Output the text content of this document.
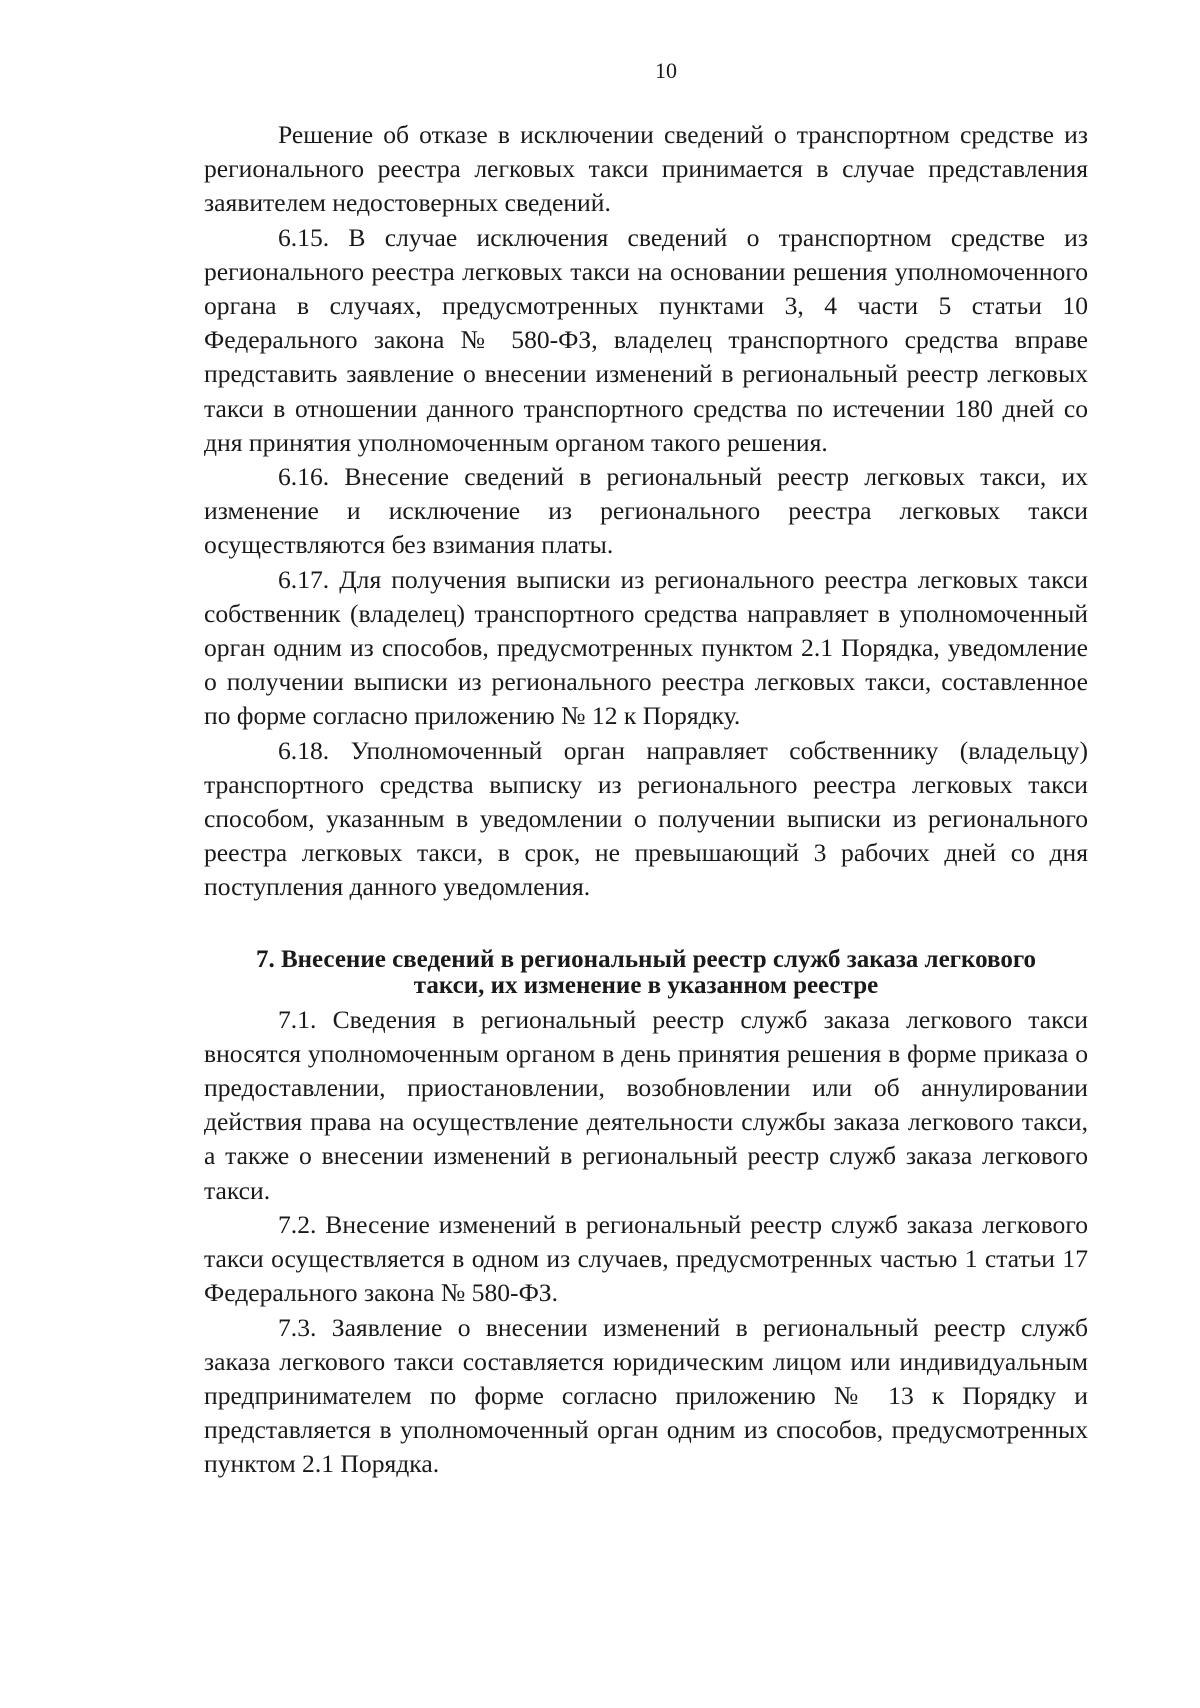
10

Решение об отказе в исключении сведений о транспортном средстве из регионального реестра легковых такси принимается в случае представления заявителем недостоверных сведений.

6.15. В случае исключения сведений о транспортном средстве из регионального реестра легковых такси на основании решения уполномоченного органа в случаях, предусмотренных пунктами 3, 4 части 5 статьи 10 Федерального закона № 580-ФЗ, владелец транспортного средства вправе представить заявление о внесении изменений в региональный реестр легковых такси в отношении данного транспортного средства по истечении 180 дней со дня принятия уполномоченным органом такого решения.

6.16. Внесение сведений в региональный реестр легковых такси, их изменение и исключение из регионального реестра легковых такси осуществляются без взимания платы.

6.17. Для получения выписки из регионального реестра легковых такси собственник (владелец) транспортного средства направляет в уполномоченный орган одним из способов, предусмотренных пунктом 2.1 Порядка, уведомление о получении выписки из регионального реестра легковых такси, составленное по форме согласно приложению № 12 к Порядку.

6.18. Уполномоченный орган направляет собственнику (владельцу) транспортного средства выписку из регионального реестра легковых такси способом, указанным в уведомлении о получении выписки из регионального реестра легковых такси, в срок, не превышающий 3 рабочих дней со дня поступления данного уведомления.

7. Внесение сведений в региональный реестр служб заказа легкового
такси, их изменение в указанном реестре

7.1. Сведения в региональный реестр служб заказа легкового такси вносятся уполномоченным органом в день принятия решения в форме приказа о предоставлении, приостановлении, возобновлении или об аннулировании действия права на осуществление деятельности службы заказа легкового такси, а также о внесении изменений в региональный реестр служб заказа легкового такси.

7.2. Внесение изменений в региональный реестр служб заказа легкового такси осуществляется в одном из случаев, предусмотренных частью 1 статьи 17 Федерального закона № 580-ФЗ.

7.3. Заявление о внесении изменений в региональный реестр служб заказа легкового такси составляется юридическим лицом или индивидуальным предпринимателем по форме согласно приложению № 13 к Порядку и представляется в уполномоченный орган одним из способов, предусмотренных пунктом 2.1 Порядка.
